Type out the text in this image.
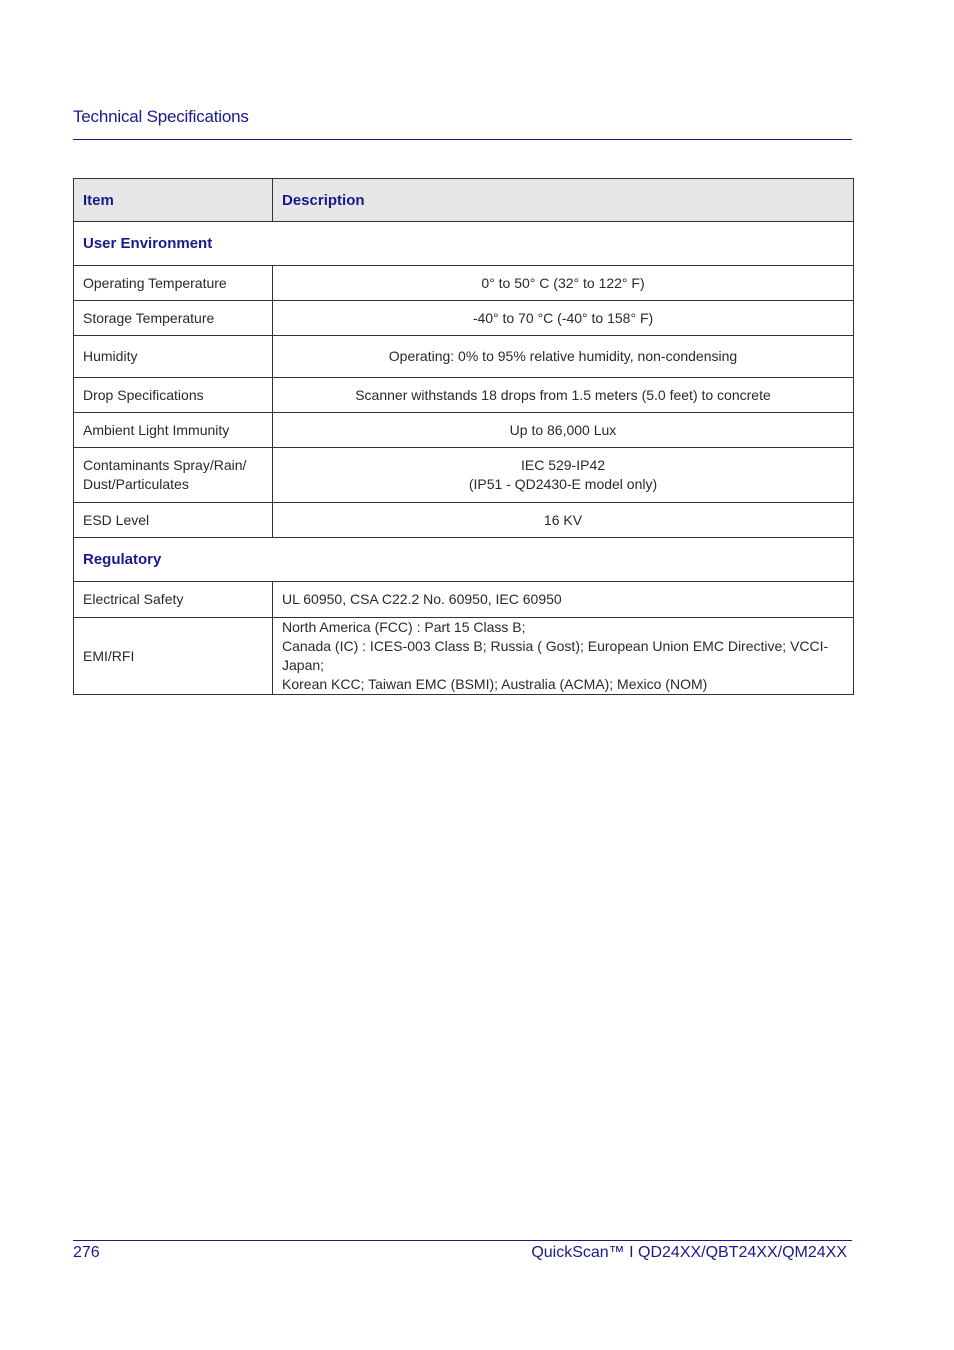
Technical Specifications
Item	Description
User Environment	
Operating Temperature	0° to 50° C (32° to 122° F)
Storage Temperature	-40° to 70 °C (-40° to 158° F)
Humidity	Operating: 0% to 95% relative humidity, non-condensing
Drop Specifications	Scanner withstands 18 drops from 1.5 meters (5.0 feet) to concrete
Ambient Light Immunity	Up to 86,000 Lux

Contaminants Spray/Rain/
Dust/Particulates	IEC 529-IP42
(IP51 - QD2430-E model only)

ESD Level	16 KV
Regulatory	
Electrical Safety	UL 60950, CSA C22.2 No. 60950, IEC 60950
EMI/RFI	North America (FCC) : Part 15 Class B;
Canada (IC) : ICES-003 Class B; Russia ( Gost); European Union EMC Directive; VCCI-Japan;
Korean KCC; Taiwan EMC (BSMI); Australia (ACMA); Mexico (NOM)
276	QuickScan™ I QD24XX/QBT24XX/QM24XX
